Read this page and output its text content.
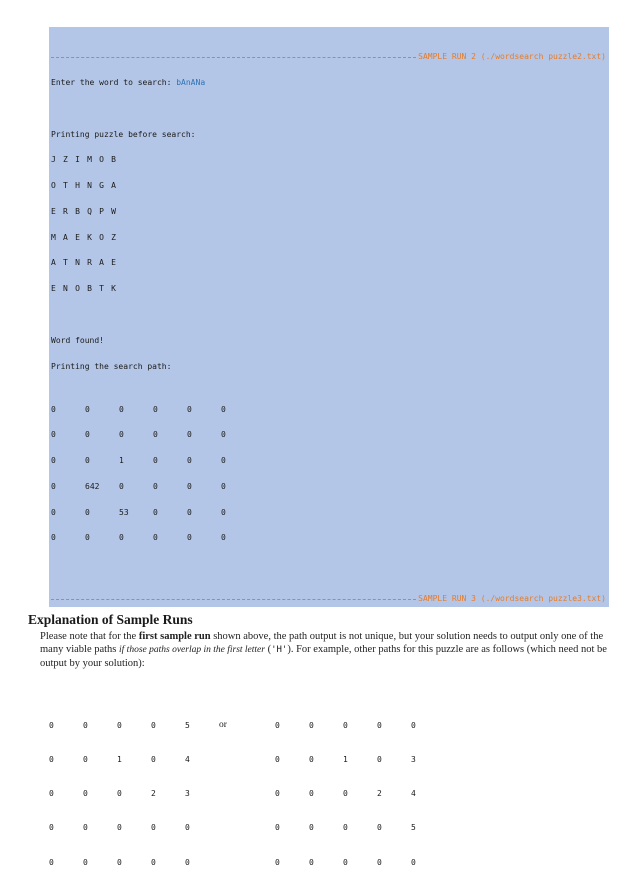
SAMPLE RUN 2 (./wordsearch puzzle2.txt)

Enter the word to search: bAnANa

Printing puzzle before search:

J Z I M O B

O T H N G A

E R B Q P W

M A E K O Z

A T N R A E

E N O B T K

Word found!

Printing the search path:

0	0	0	0	0	0

0	0	0	0	0	0

0	0	1	0	0	0

0	642	0	0	0	0

0	0	53	0	0	0

0	0	0	0	0	0

SAMPLE RUN 3 (./wordsearch puzzle3.txt)

Explanation of Sample Runs

Please note that for the first sample run shown above, the path output is not unique, but your solution needs to output only one of the many viable paths if those paths overlap in the first letter ('H'). For example, other paths for this puzzle are as follows (which need not be output by your solution):

0	0	0	0	5	or	0	0	0	0	0

0	0	1	0	4	0	0	1	0	3

0	0	0	2	3	0	0	0	2	4

0	0	0	0	0	0	0	0	0	5

0	0	0	0	0	0	0	0	0	0
